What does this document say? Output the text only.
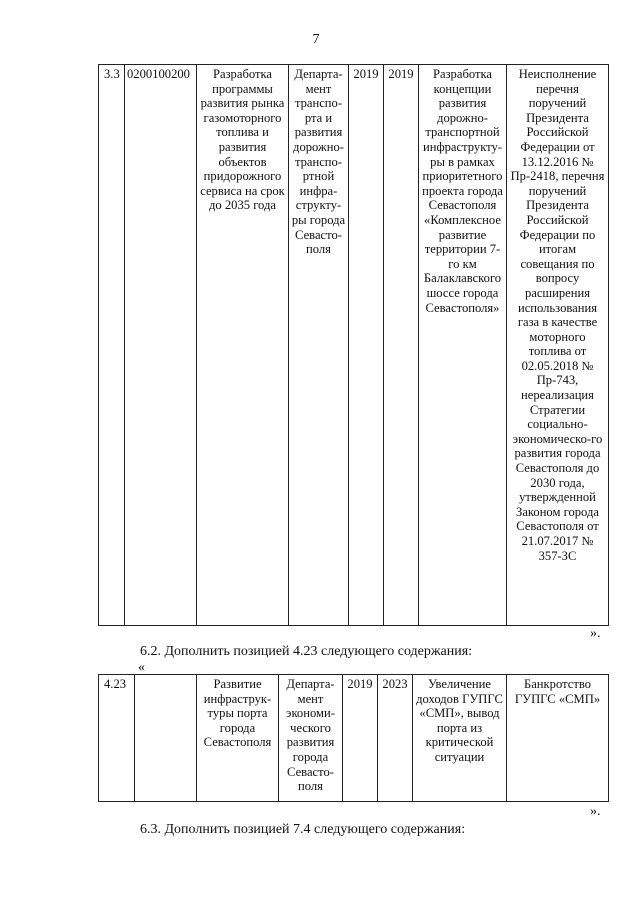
7
3.3	0200100200	Разработка программы развития рынка газомоторного топлива и развития объектов придорожного сервиса на срок до 2035 года	Департа-мент транспо-рта и развития дорожно-транспо-ртной инфра-структу-ры города Севасто-поля	2019	2019	Разработка концепции развития дорожно-транспортной инфраструкту-ры в рамках приоритетного проекта города Севастополя «Комплексное развитие территории 7-го км Балаклавского шоссе города Севастополя»	Неисполнение перечня поручений Президента Российской Федерации от 13.12.2016 № Пр-2418, перечня поручений Президента Российской Федерации по итогам совещания по вопросу расширения использования газа в качестве моторного топлива от 02.05.2018 № Пр-743, нереализация Стратегии социально-экономическо-го развития города Севастополя до 2030 года, утвержденной Законом города Севастополя от 21.07.2017 № 357-ЗС
».
6.2. Дополнить позицией 4.23 следующего содержания:
«
4.23		Развитие инфраструк-туры порта города Севастополя	Департа-мент экономи-ческого развития города Севасто-поля	2019	2023	Увеличение доходов ГУПГС «СМП», вывод порта из критической ситуации	Банкротство ГУПГС «СМП»
».
6.3. Дополнить позицией 7.4 следующего содержания:
